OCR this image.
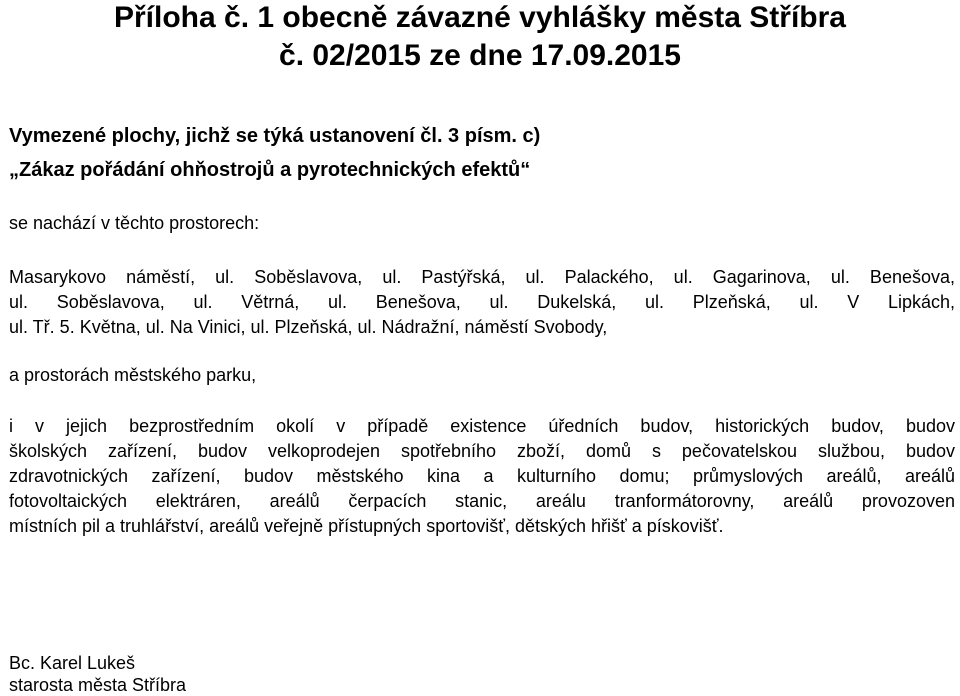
Příloha č. 1 obecně závazné vyhlášky města Stříbra
č. 02/2015 ze dne 17.09.2015

Vymezené plochy, jichž se týká ustanovení čl. 3 písm. c)

„Zákaz pořádání ohňostrojů a pyrotechnických efektů“

se nachází v těchto prostorech:

Masarykovo náměstí, ul. Soběslavova, ul. Pastýřská, ul. Palackého, ul. Gagarinova, ul. Benešova,
ul. Soběslavova, ul. Větrná, ul. Benešova, ul. Dukelská, ul. Plzeňská, ul. V Lipkách,
ul. Tř. 5. Května, ul. Na Vinici, ul. Plzeňská, ul. Nádražní, náměstí Svobody,

a prostorách městského parku,

i v jejich bezprostředním okolí v případě existence úředních budov, historických budov, budov
školských zařízení, budov velkoprodejen spotřebního zboží, domů s pečovatelskou službou, budov
zdravotnických zařízení, budov městského kina a kulturního domu; průmyslových areálů, areálů
fotovoltaických elektráren, areálů čerpacích stanic, areálu tranformátorovny, areálů provozoven
místních pil a truhlářství, areálů veřejně přístupných sportovišť, dětských hřišť a pískovišť.
Bc. Karel Lukeš
starosta města Stříbra
